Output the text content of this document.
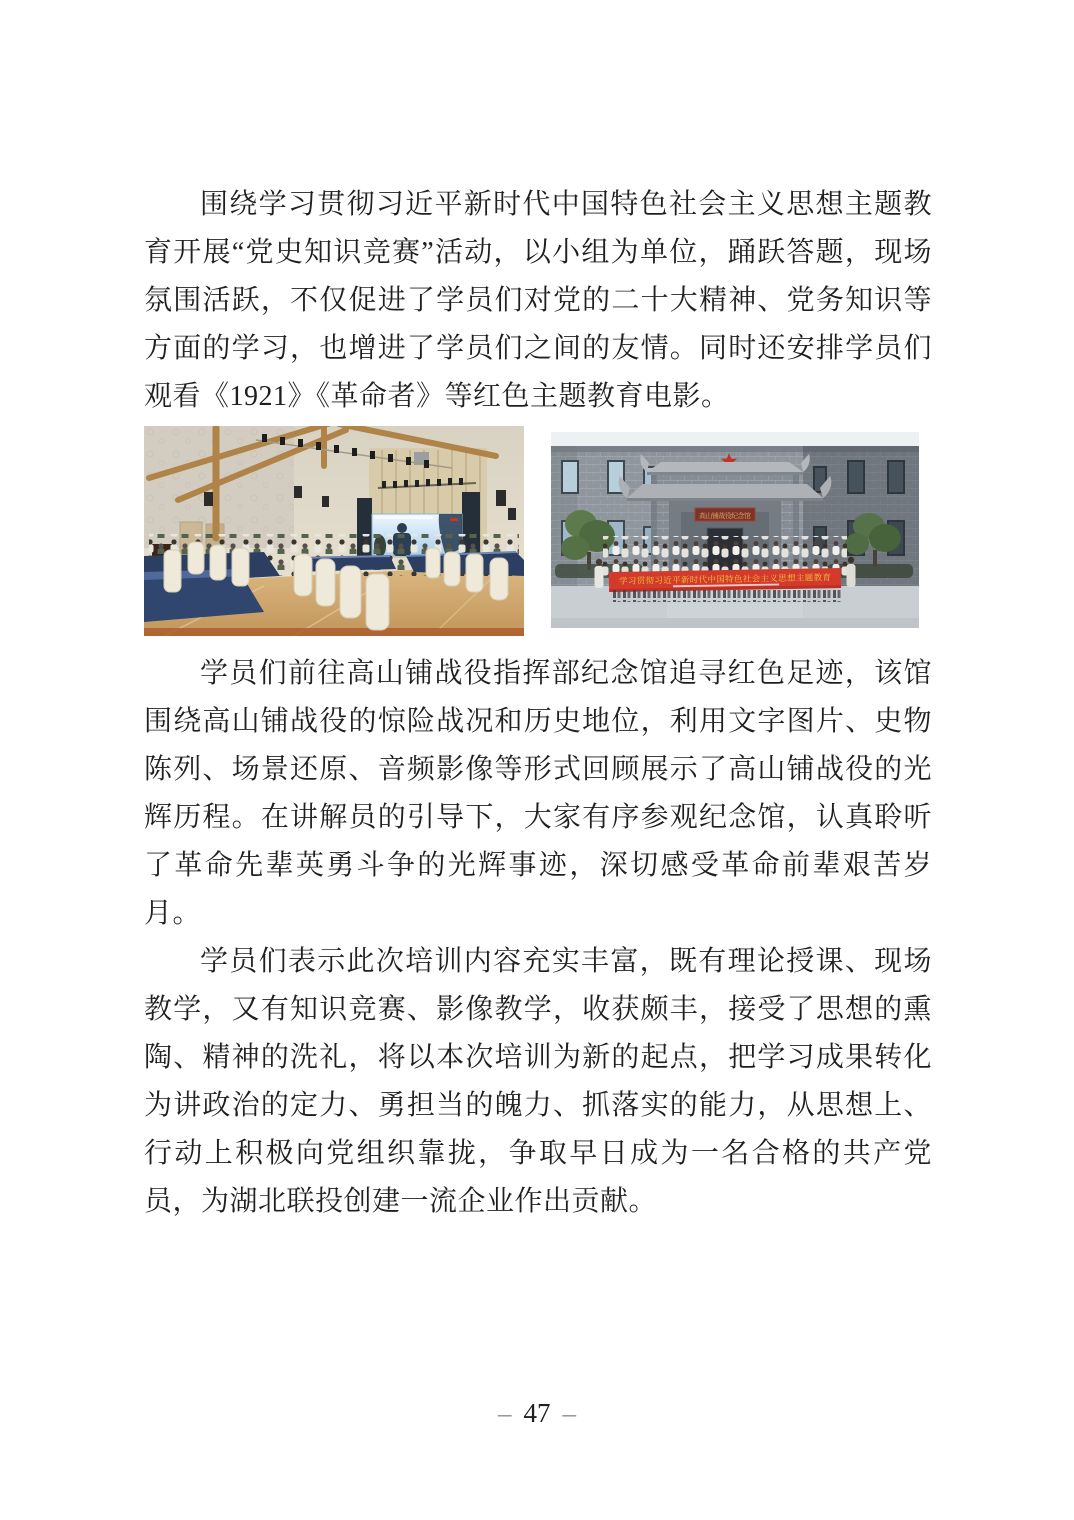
围绕学习贯彻习近平新时代中国特色社会主义思想主题教育开展“党史知识竞赛”活动，以小组为单位，踊跃答题，现场氛围活跃，不仅促进了学员们对党的二十大精神、党务知识等方面的学习，也增进了学员们之间的友情。同时还安排学员们观看《1921》《革命者》等红色主题教育电影。

高山铺战役纪念馆
学习贯彻习近平新时代中国特色社会主义思想主题教育

学员们前往高山铺战役指挥部纪念馆追寻红色足迹，该馆围绕高山铺战役的惊险战况和历史地位，利用文字图片、史物陈列、场景还原、音频影像等形式回顾展示了高山铺战役的光辉历程。在讲解员的引导下，大家有序参观纪念馆，认真聆听了革命先辈英勇斗争的光辉事迹，深切感受革命前辈艰苦岁月。

学员们表示此次培训内容充实丰富，既有理论授课、现场教学，又有知识竞赛、影像教学，收获颇丰，接受了思想的熏陶、精神的洗礼，将以本次培训为新的起点，把学习成果转化为讲政治的定力、勇担当的魄力、抓落实的能力，从思想上、行动上积极向党组织靠拢，争取早日成为一名合格的共产党员，为湖北联投创建一流企业作出贡献。

– 47 –
